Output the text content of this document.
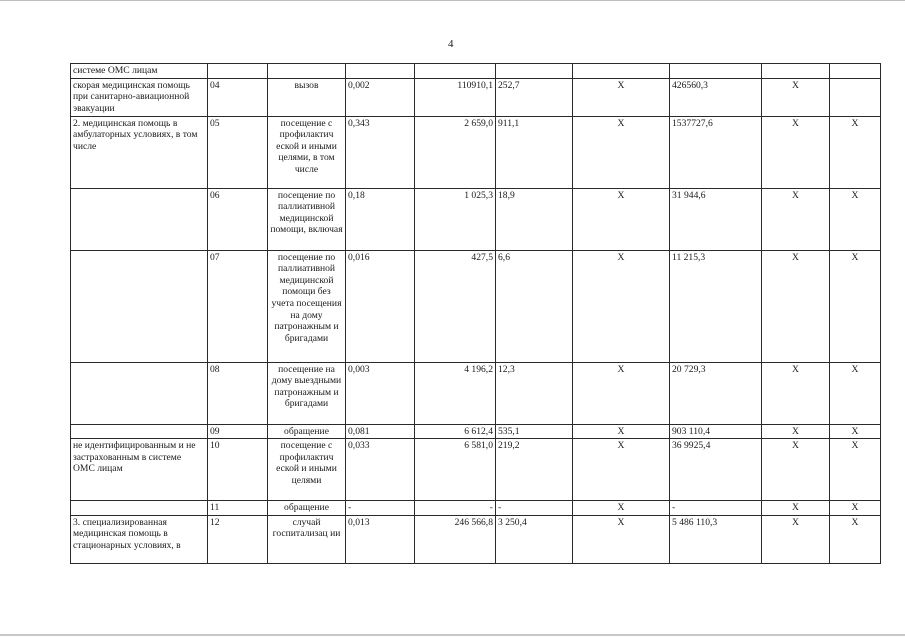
4
системе ОМС лицам									
скорая медицинская помощь при санитарно-авиационной эвакуации	04	вызов	0,002	110910,1	252,7	X	426560,3	X	
2. медицинская помощь в амбулаторных условиях, в том числе	05	посещение с профилактич еской и иными целями, в том числе	0,343	2 659,0	911,1	X	1537727,6	X	X
	06	посещение по паллиативной медицинской помощи, включая	0,18	1 025,3	18,9	X	31 944,6	X	X
	07	посещение по паллиативной медицинской помощи без учета посещения на дому патронажным и бригадами	0,016	427,5	6,6	X	11 215,3	X	X
	08	посещение на дому выездными патронажным и бригадами	0,003	4 196,2	12,3	X	20 729,3	X	X
	09	обращение	0,081	6 612,4	535,1	X	903 110,4	X	X
не идентифицированным и не застрахованным в системе ОМС лицам	10	посещение с профилактич еской и иными целями	0,033	6 581,0	219,2	X	36 9925,4	X	X
	11	обращение	-	-	-	X	-	X	X
3. специализированная медицинская помощь в стационарных условиях, в	12	случай госпитализац ии	0,013	246 566,8	3 250,4	X	5 486 110,3	X	X
